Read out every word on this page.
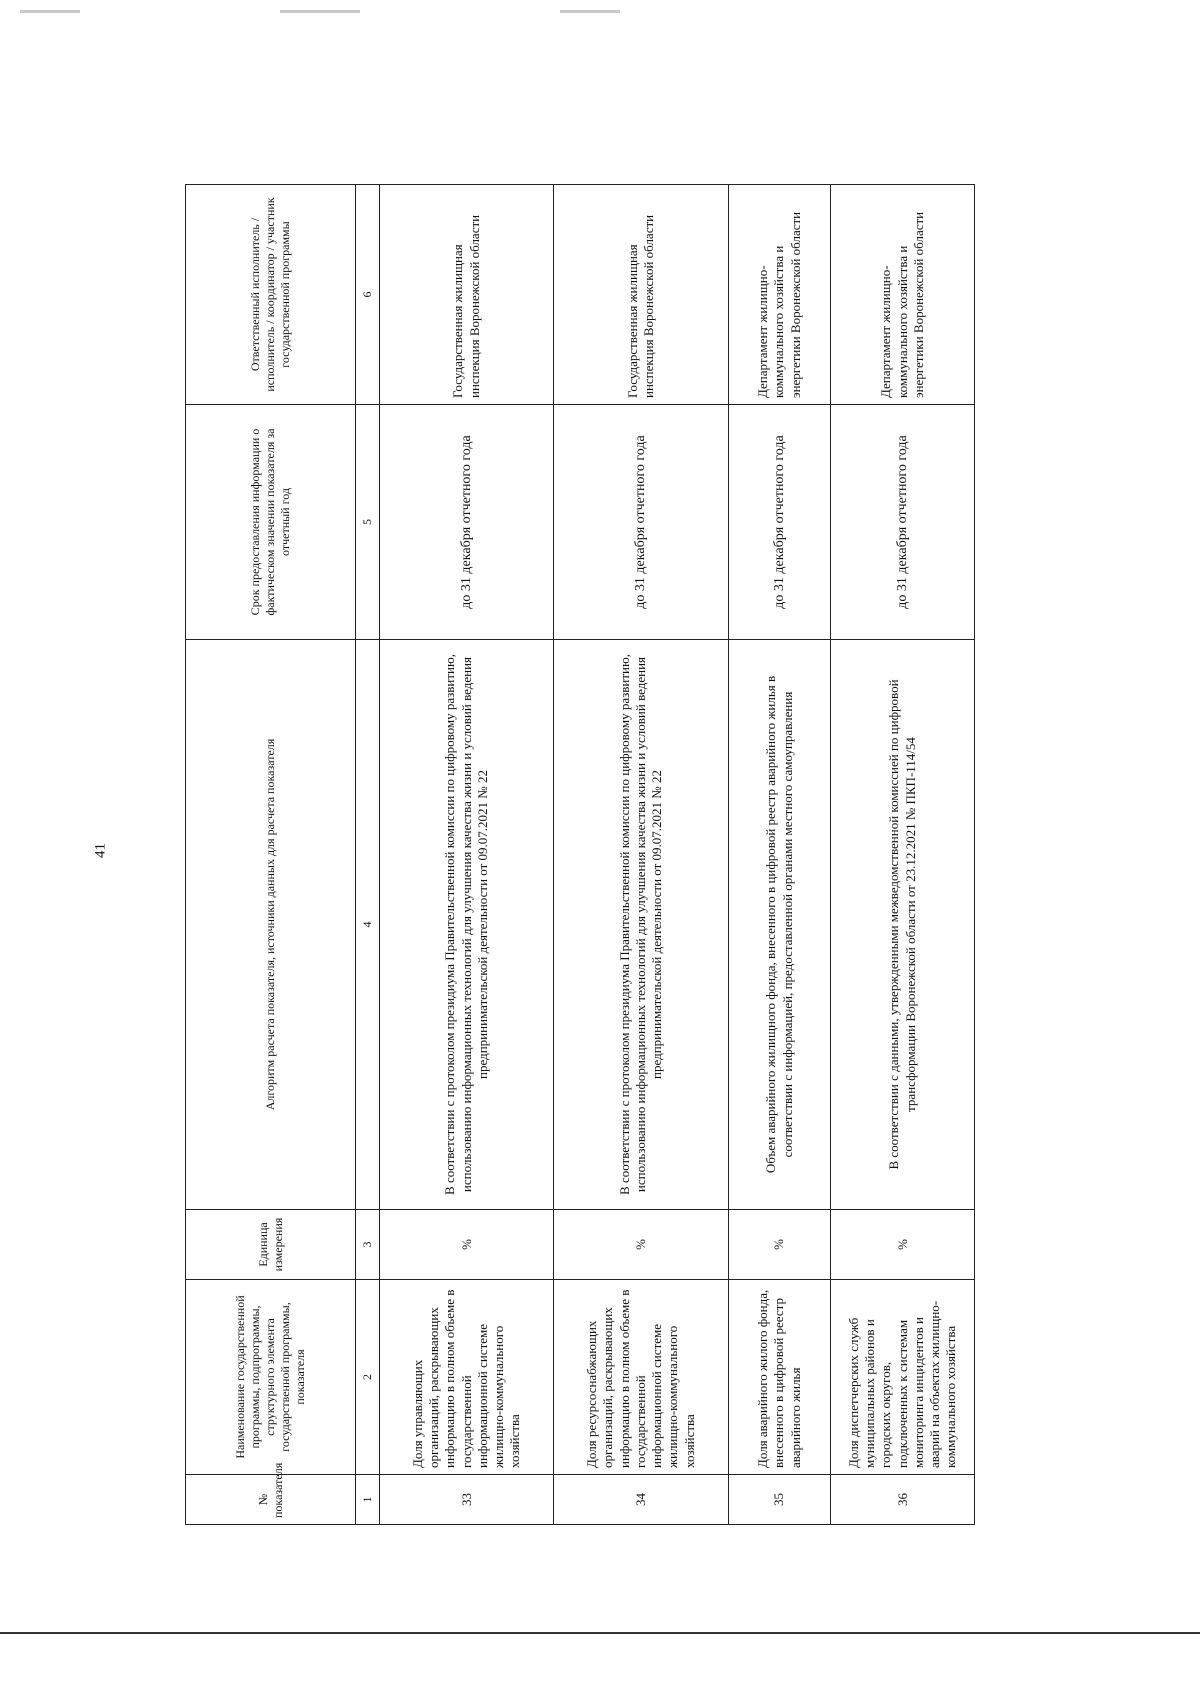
41
№ показателя	Наименование государственной программы, подпрограммы, структурного элемента государственной программы, показателя	Единица измерения	Алгоритм расчета показателя, источники данных для расчета показателя	Срок предоставления информации о фактическом значении показателя за отчетный год	Ответственный исполнитель / исполнитель / координатор / участник государственной программы
1	2	3	4	5	6
33	Доля управляющих организаций, раскрывающих информацию в полном объеме в государственной информационной системе жилищно-коммунального хозяйства	%	В соответствии с протоколом президиума Правительственной комиссии по цифровому развитию, использованию информационных технологий для улучшения качества жизни и условий ведения предпринимательской деятельности от 09.07.2021 № 22	до 31 декабря отчетного года	Государственная жилищная инспекция Воронежской области
34	Доля ресурсоснабжающих организаций, раскрывающих информацию в полном объеме в государственной информационной системе жилищно-коммунального хозяйства	%	В соответствии с протоколом президиума Правительственной комиссии по цифровому развитию, использованию информационных технологий для улучшения качества жизни и условий ведения предпринимательской деятельности от 09.07.2021 № 22	до 31 декабря отчетного года	Государственная жилищная инспекция Воронежской области
35	Доля аварийного жилого фонда, внесенного в цифровой реестр аварийного жилья	%	Объем аварийного жилищного фонда, внесенного в цифровой реестр аварийного жилья в соответствии с информацией, предоставленной органами местного самоуправления	до 31 декабря отчетного года	Департамент жилищно-коммунального хозяйства и энергетики Воронежской области
36	Доля диспетчерских служб муниципальных районов и городских округов, подключенных к системам мониторинга инцидентов и аварий на объектах жилищно-коммунального хозяйства	%	В соответствии с данными, утвержденными межведомственной комиссией по цифровой трансформации Воронежской области от 23.12.2021 № ПКП-114/54	до 31 декабря отчетного года	Департамент жилищно-коммунального хозяйства и энергетики Воронежской области
